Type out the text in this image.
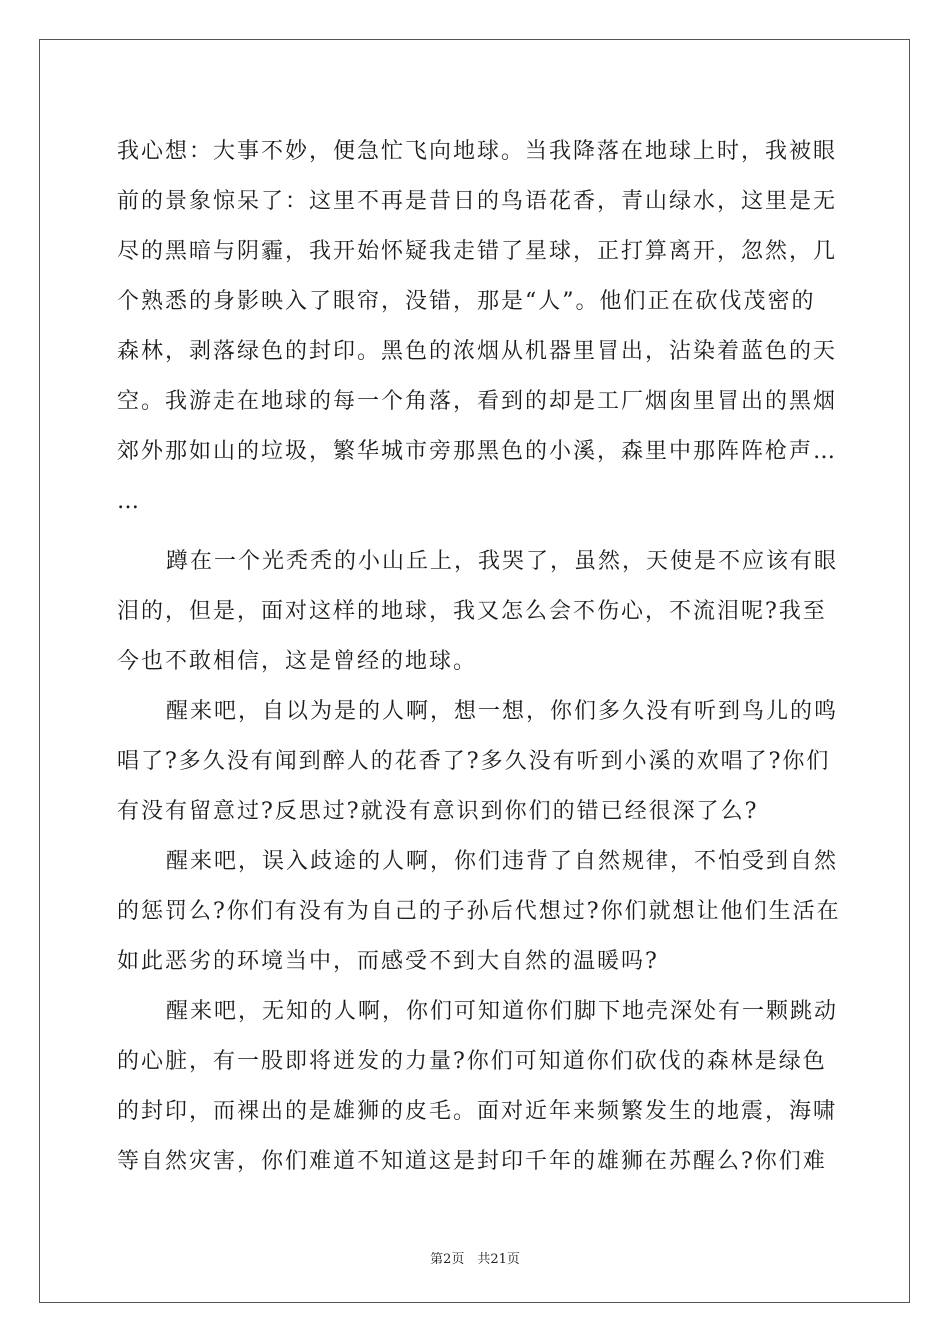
我心想：大事不妙，便急忙飞向地球。当我降落在地球上时，我被眼
前的景象惊呆了：这里不再是昔日的鸟语花香，青山绿水，这里是无
尽的黑暗与阴霾，我开始怀疑我走错了星球，正打算离开，忽然，几
个熟悉的身影映入了眼帘，没错，那是“人”。他们正在砍伐茂密的
森林，剥落绿色的封印。黑色的浓烟从机器里冒出，沾染着蓝色的天
空。我游走在地球的每一个角落，看到的却是工厂烟囱里冒出的黑烟
郊外那如山的垃圾，繁华城市旁那黑色的小溪，森里中那阵阵枪声…
…
蹲在一个光秃秃的小山丘上，我哭了，虽然，天使是不应该有眼
泪的，但是，面对这样的地球，我又怎么会不伤心，不流泪呢?我至
今也不敢相信，这是曾经的地球。
醒来吧，自以为是的人啊，想一想，你们多久没有听到鸟儿的鸣
唱了?多久没有闻到醉人的花香了?多久没有听到小溪的欢唱了?你们
有没有留意过?反思过?就没有意识到你们的错已经很深了么?
醒来吧，误入歧途的人啊，你们违背了自然规律，不怕受到自然
的惩罚么?你们有没有为自己的子孙后代想过?你们就想让他们生活在
如此恶劣的环境当中，而感受不到大自然的温暖吗?
醒来吧，无知的人啊，你们可知道你们脚下地壳深处有一颗跳动
的心脏，有一股即将迸发的力量?你们可知道你们砍伐的森林是绿色
的封印，而裸出的是雄狮的皮毛。面对近年来频繁发生的地震，海啸
等自然灾害，你们难道不知道这是封印千年的雄狮在苏醒么?你们难
第2页　共21页
